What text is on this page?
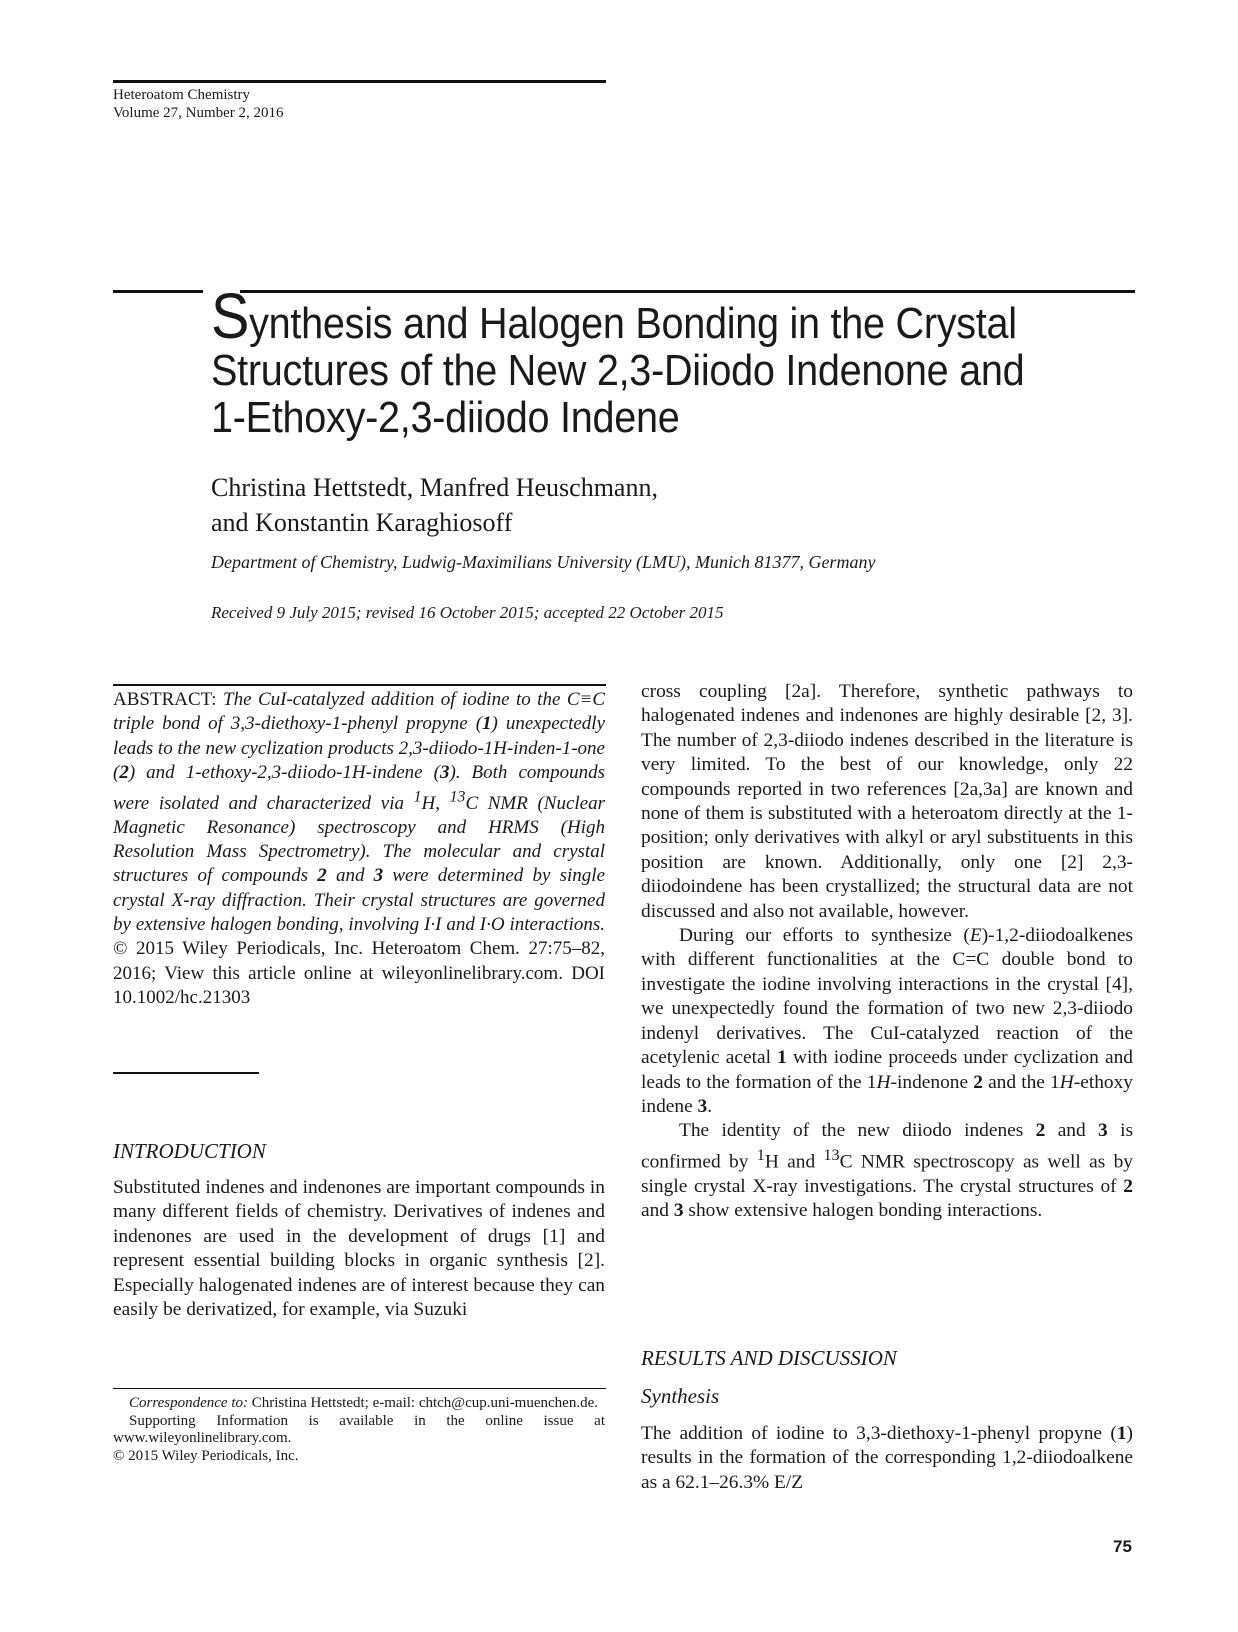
Heteroatom Chemistry
Volume 27, Number 2, 2016
Synthesis and Halogen Bonding in the Crystal
Structures of the New 2,3-Diiodo Indenone and
1-Ethoxy-2,3-diiodo Indene
Christina Hettstedt, Manfred Heuschmann,
and Konstantin Karaghiosoff
Department of Chemistry, Ludwig-Maximilians University (LMU), Munich 81377, Germany
Received 9 July 2015; revised 16 October 2015; accepted 22 October 2015

ABSTRACT: The CuI-catalyzed addition of iodine to the C≡C triple bond of 3,3-diethoxy-1-phenyl propyne (1) unexpectedly leads to the new cyclization products 2,3-diiodo-1H-inden-1-one (2) and 1-ethoxy-2,3-diiodo-1H-indene (3). Both compounds were isolated and characterized via $^1$H, $^{13}$C NMR (Nuclear Magnetic Resonance) spectroscopy and HRMS (High Resolution Mass Spectrometry). The molecular and crystal structures of compounds 2 and 3 were determined by single crystal X-ray diffraction. Their crystal structures are governed by extensive halogen bonding, involving I·I and I·O interactions. © 2015 Wiley Periodicals, Inc. Heteroatom Chem. 27:75–82, 2016; View this article online at wileyonlinelibrary.com. DOI 10.1002/hc.21303

INTRODUCTION

Substituted indenes and indenones are important compounds in many different fields of chemistry. Derivatives of indenes and indenones are used in the development of drugs [1] and represent essential building blocks in organic synthesis [2]. Especially halogenated indenes are of interest because they can easily be derivatized, for example, via Suzuki

Correspondence to: Christina Hettstedt; e-mail: chtch@cup.uni-muenchen.de.

Supporting Information is available in the online issue at www.wileyonlinelibrary.com.

© 2015 Wiley Periodicals, Inc.

cross coupling [2a]. Therefore, synthetic pathways to halogenated indenes and indenones are highly desirable [2, 3]. The number of 2,3-diiodo indenes described in the literature is very limited. To the best of our knowledge, only 22 compounds reported in two references [2a,3a] are known and none of them is substituted with a heteroatom directly at the 1-position; only derivatives with alkyl or aryl substituents in this position are known. Additionally, only one [2] 2,3-diiodoindene has been crystallized; the structural data are not discussed and also not available, however.

During our efforts to synthesize (E)-1,2-diiodoalkenes with different functionalities at the C=C double bond to investigate the iodine involving interactions in the crystal [4], we unexpectedly found the formation of two new 2,3-diiodo indenyl derivatives. The CuI-catalyzed reaction of the acetylenic acetal 1 with iodine proceeds under cyclization and leads to the formation of the 1H-indenone 2 and the 1H-ethoxy indene 3.

The identity of the new diiodo indenes 2 and 3 is confirmed by $^1$H and $^{13}$C NMR spectroscopy as well as by single crystal X-ray investigations. The crystal structures of 2 and 3 show extensive halogen bonding interactions.

RESULTS AND DISCUSSION
Synthesis

The addition of iodine to 3,3-diethoxy-1-phenyl propyne (1) results in the formation of the corresponding 1,2-diiodoalkene as a 62.1–26.3% E/Z

75
